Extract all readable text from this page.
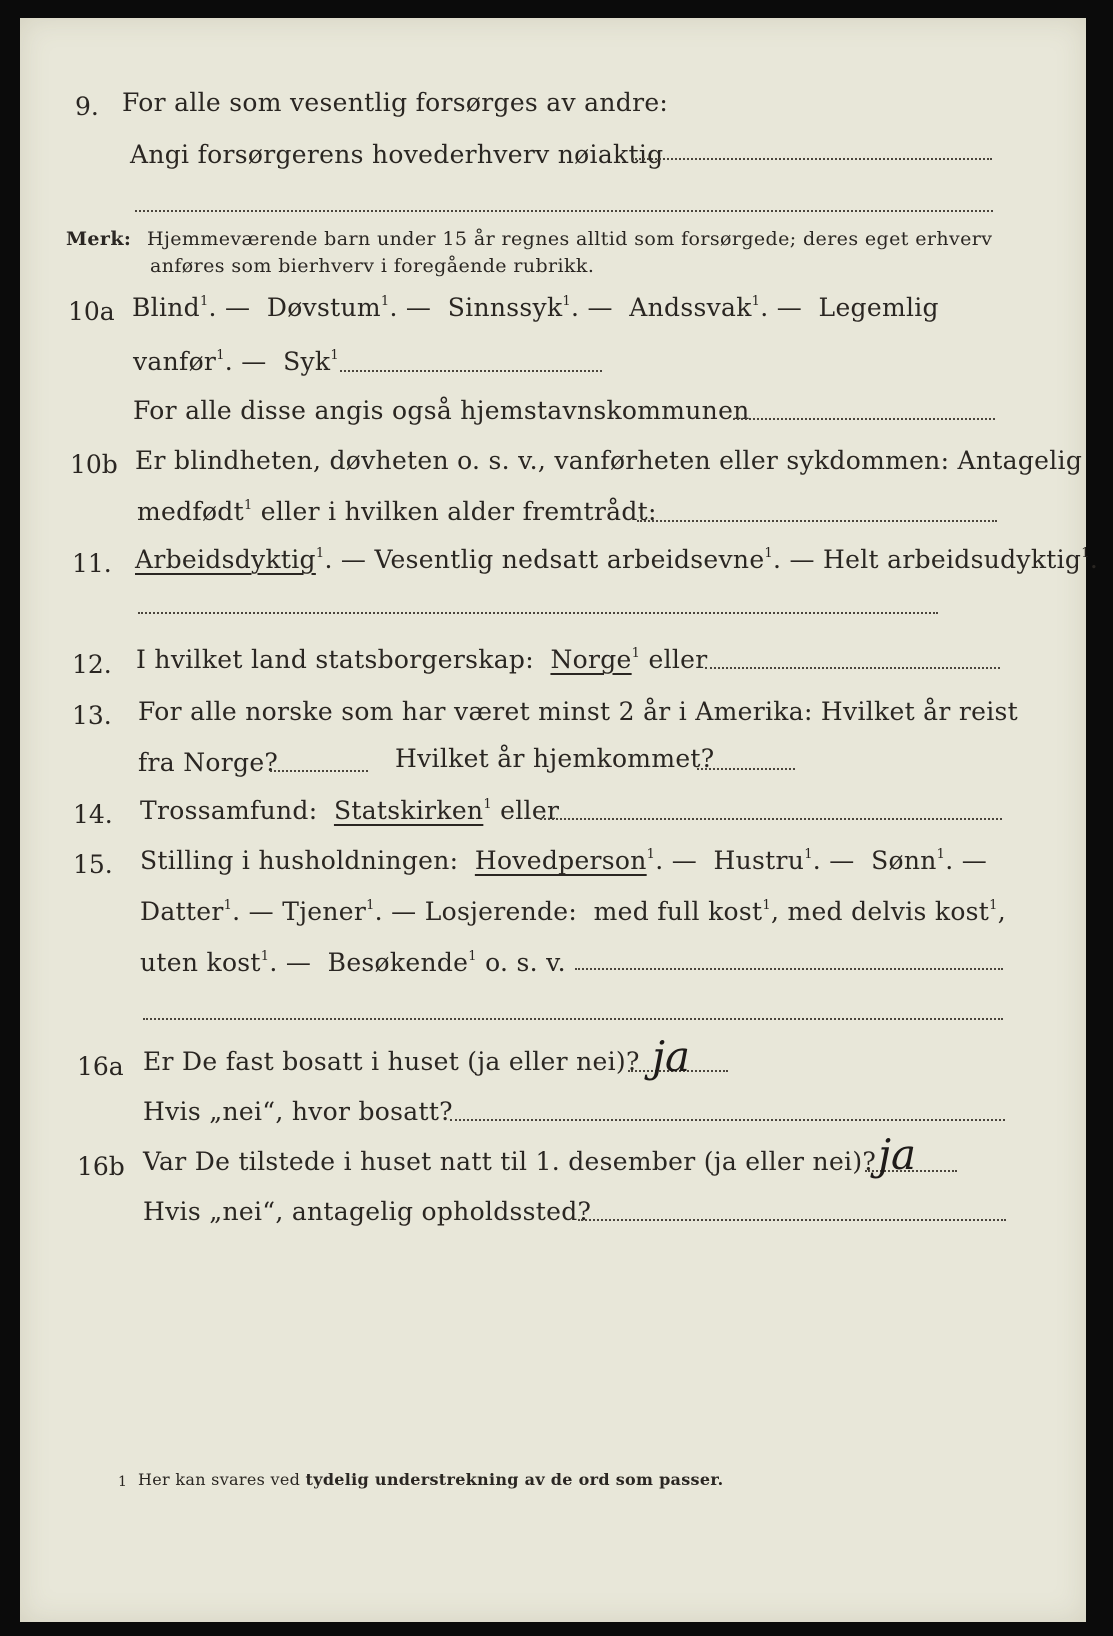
9. For alle som vesentlig forsørges av andre:
Angi forsørgerens hovederhverv nøiaktig
Merk: Hjemmeværende barn under 15 år regnes alltid som forsørgede; deres eget erhverv
anføres som bierhverv i foregående rubrikk.
10a Blind$^1$. — Døvstum$^1$. — Sinnssyk$^1$. — Andssvak$^1$. — Legemlig
vanfør$^1$. — Syk$^1$
For alle disse angis også hjemstavnskommunen
10b Er blindheten, døvheten o. s. v., vanførheten eller sykdommen: Antagelig
medfødt$^1$ eller i hvilken alder fremtrådt:
11. Arbeidsdyktig$^1$. — Vesentlig nedsatt arbeidsevne$^1$. — Helt arbeidsudyktig$^1$.
12. I hvilket land statsborgerskap: Norge$^1$ eller
13. For alle norske som har været minst 2 år i Amerika: Hvilket år reist
fra Norge?	Hvilket år hjemkommet?
14. Trossamfund: Statskirken$^1$ eller
15. Stilling i husholdningen: Hovedperson$^1$. —  Hustru$^1$. —  Sønn$^1$. —
Datter$^1$. — Tjener$^1$. — Losjerende: med full kost$^1$, med delvis kost$^1$,
uten kost$^1$. —  Besøkende$^1$ o. s. v.
16a Er De fast bosatt i huset (ja eller nei)? ja
Hvis „nei“, hvor bosatt?
16b Var De tilstede i huset natt til 1. desember (ja eller nei)? ja
Hvis „nei“, antagelig opholdssted?
1 Her kan svares ved tydelig understrekning av de ord som passer.
